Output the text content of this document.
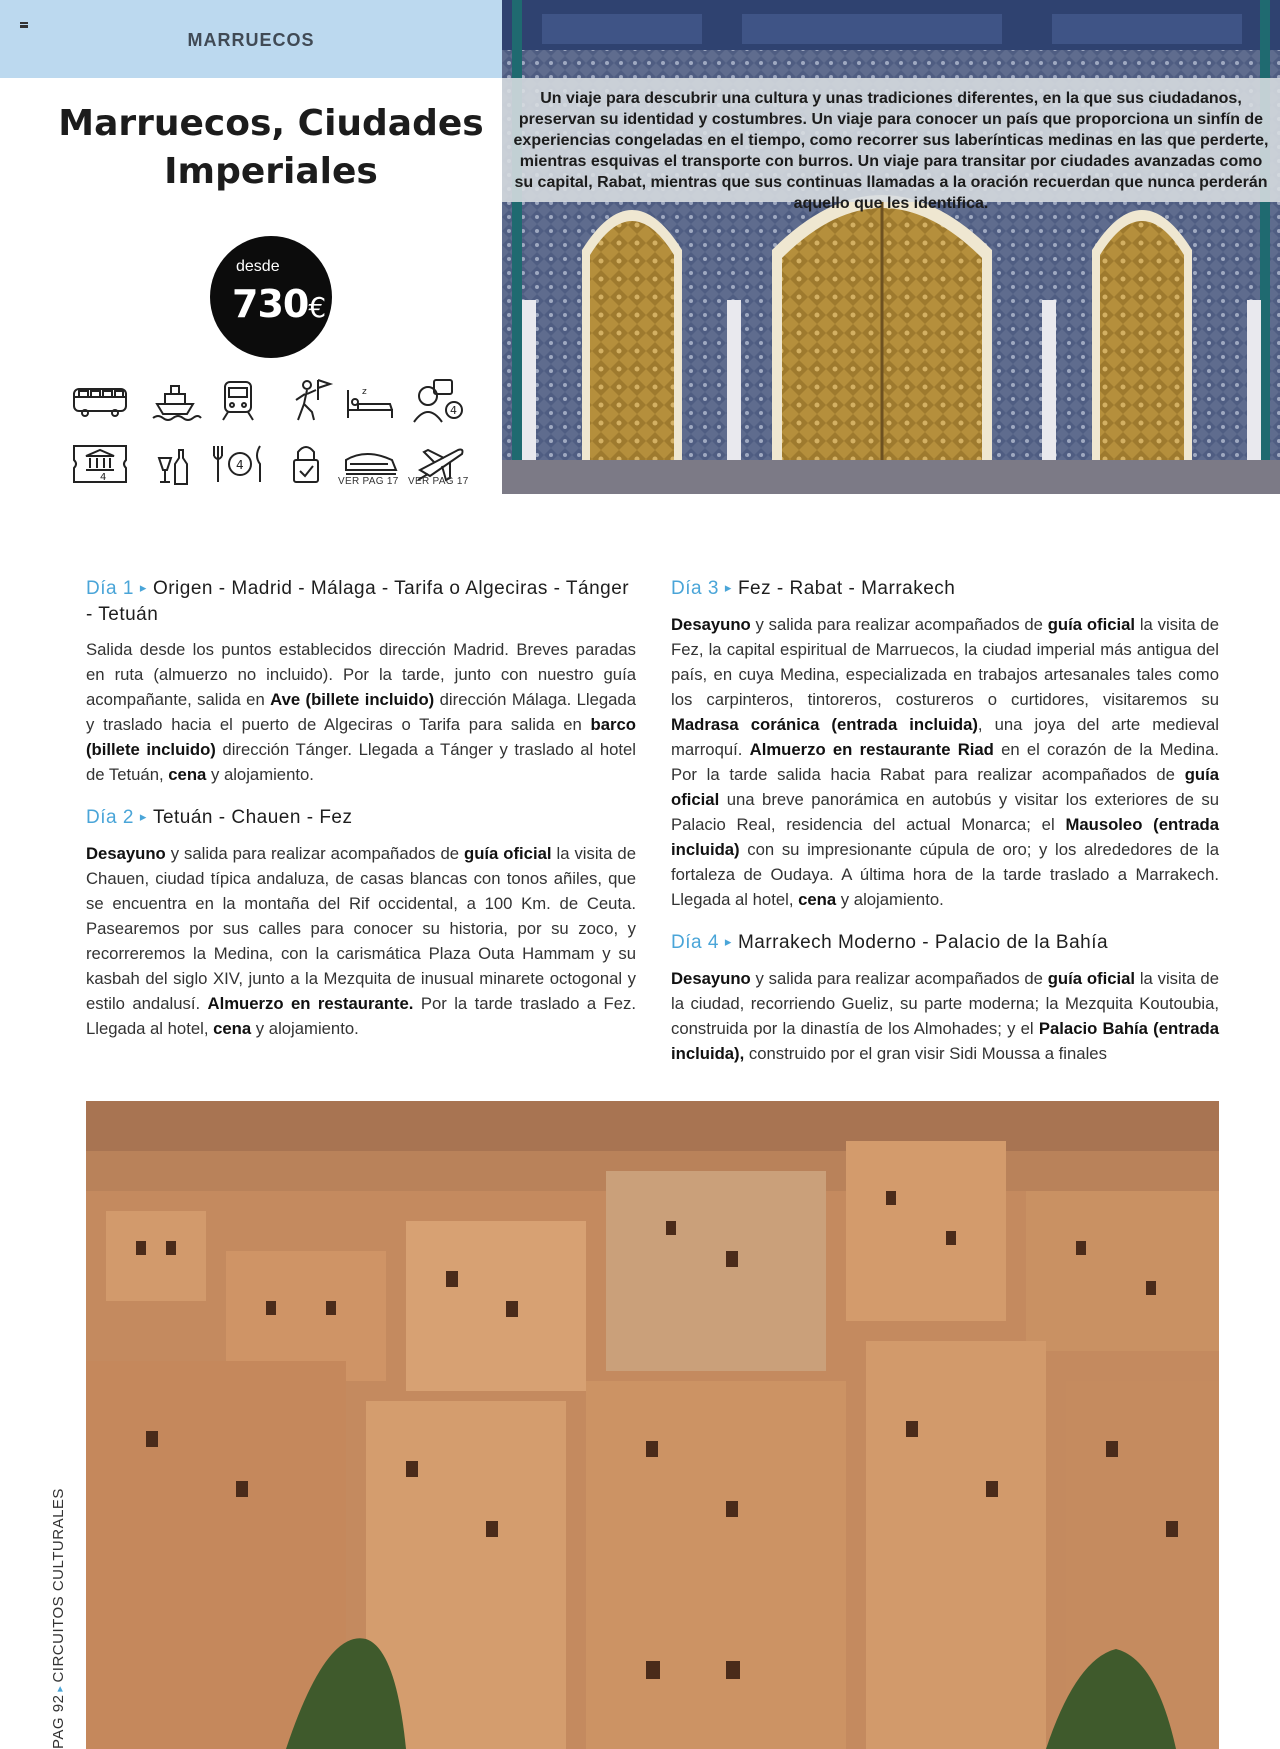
MARRUECOS
Marruecos, Ciudades
Imperiales
desde
730€
z
4
4
4
VER PAG 17 VER PAG 17

Un viaje para descubrir una cultura y unas tradiciones diferentes, en la que sus ciudadanos, preservan su identidad y costumbres. Un viaje para conocer un país que proporciona un sinfín de experiencias congeladas en el tiempo, como recorrer sus laberínticas medinas en las que perderte, mientras esquivas el transporte con burros. Un viaje para transitar por ciudades avanzadas como su capital, Rabat, mientras que sus continuas llamadas a la oración recuerdan que nunca perderán aquello que les identifica.

Día 1 ▸ Origen - Madrid - Málaga - Tarifa o Algeciras - Tánger - Tetuán

Salida desde los puntos establecidos dirección Madrid. Breves paradas en ruta (almuerzo no incluido). Por la tarde, junto con nuestro guía acompañante, salida en Ave (billete incluido) dirección Málaga. Llegada y traslado hacia el puerto de Algeciras o Tarifa para salida en barco (billete incluido) dirección Tánger. Llegada a Tánger y traslado al hotel de Tetuán, cena y alojamiento.

Día 2 ▸ Tetuán - Chauen - Fez

Desayuno y salida para realizar acompañados de guía oficial la visita de Chauen, ciudad típica andaluza, de casas blancas con tonos añiles, que se encuentra en la montaña del Rif occidental, a 100 Km. de Ceuta. Pasearemos por sus calles para conocer su historia, por su zoco, y recorreremos la Medina, con la carismática Plaza Outa Hammam y su kasbah del siglo XIV, junto a la Mezquita de inusual minarete octogonal y estilo andalusí. Almuerzo en restaurante. Por la tarde traslado a Fez. Llegada al hotel, cena y alojamiento.

Día 3 ▸ Fez - Rabat - Marrakech

Desayuno y salida para realizar acompañados de guía oficial la visita de Fez, la capital espiritual de Marruecos, la ciudad imperial más antigua del país, en cuya Medina, especializada en trabajos artesanales tales como los carpinteros, tintoreros, costureros o curtidores, visitaremos su Madrasa coránica (entrada incluida), una joya del arte medieval marroquí. Almuerzo en restaurante Riad en el corazón de la Medina. Por la tarde salida hacia Rabat para realizar acompañados de guía oficial una breve panorámica en autobús y visitar los exteriores de su Palacio Real, residencia del actual Monarca; el Mausoleo (entrada incluida) con su impresionante cúpula de oro; y los alrededores de la fortaleza de Oudaya. A última hora de la tarde traslado a Marrakech. Llegada al hotel, cena y alojamiento.

Día 4 ▸ Marrakech Moderno - Palacio de la Bahía

Desayuno y salida para realizar acompañados de guía oficial la visita de la ciudad, recorriendo Gueliz, su parte moderna; la Mezquita Koutoubia, construida por la dinastía de los Almohades; y el Palacio Bahía (entrada incluida), construido por el gran visir Sidi Moussa a finales

PAG 92▸CIRCUITOS CULTURALES
